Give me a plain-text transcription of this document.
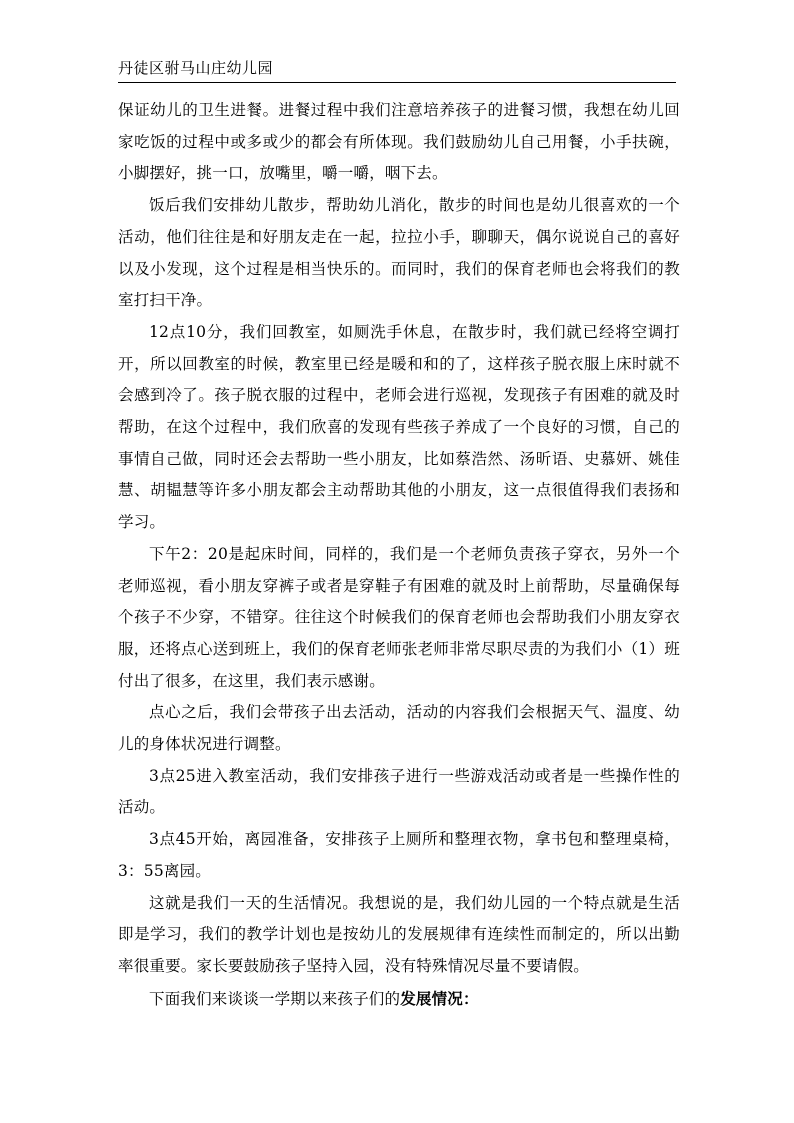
丹徒区驸马山庄幼儿园

保证幼儿的卫生进餐。进餐过程中我们注意培养孩子的进餐习惯，我想在幼儿回家吃饭的过程中或多或少的都会有所体现。我们鼓励幼儿自己用餐，小手扶碗，小脚摆好，挑一口，放嘴里，嚼一嚼，咽下去。

饭后我们安排幼儿散步，帮助幼儿消化，散步的时间也是幼儿很喜欢的一个活动，他们往往是和好朋友走在一起，拉拉小手，聊聊天，偶尔说说自己的喜好以及小发现，这个过程是相当快乐的。而同时，我们的保育老师也会将我们的教室打扫干净。

12点10分，我们回教室，如厕洗手休息，在散步时，我们就已经将空调打开，所以回教室的时候，教室里已经是暖和和的了，这样孩子脱衣服上床时就不会感到冷了。孩子脱衣服的过程中，老师会进行巡视，发现孩子有困难的就及时帮助，在这个过程中，我们欣喜的发现有些孩子养成了一个良好的习惯，自己的事情自己做，同时还会去帮助一些小朋友，比如蔡浩然、汤昕语、史慕妍、姚佳慧、胡韫慧等许多小朋友都会主动帮助其他的小朋友，这一点很值得我们表扬和学习。

下午2：20是起床时间，同样的，我们是一个老师负责孩子穿衣，另外一个老师巡视，看小朋友穿裤子或者是穿鞋子有困难的就及时上前帮助，尽量确保每个孩子不少穿，不错穿。往往这个时候我们的保育老师也会帮助我们小朋友穿衣服，还将点心送到班上，我们的保育老师张老师非常尽职尽责的为我们小（1）班付出了很多，在这里，我们表示感谢。

点心之后，我们会带孩子出去活动，活动的内容我们会根据天气、温度、幼儿的身体状况进行调整。

3点25进入教室活动，我们安排孩子进行一些游戏活动或者是一些操作性的活动。

3点45开始，离园准备，安排孩子上厕所和整理衣物，拿书包和整理桌椅，3：55离园。

这就是我们一天的生活情况。我想说的是，我们幼儿园的一个特点就是生活即是学习，我们的教学计划也是按幼儿的发展规律有连续性而制定的，所以出勤率很重要。家长要鼓励孩子坚持入园，没有特殊情况尽量不要请假。

下面我们来谈谈一学期以来孩子们的发展情况：
